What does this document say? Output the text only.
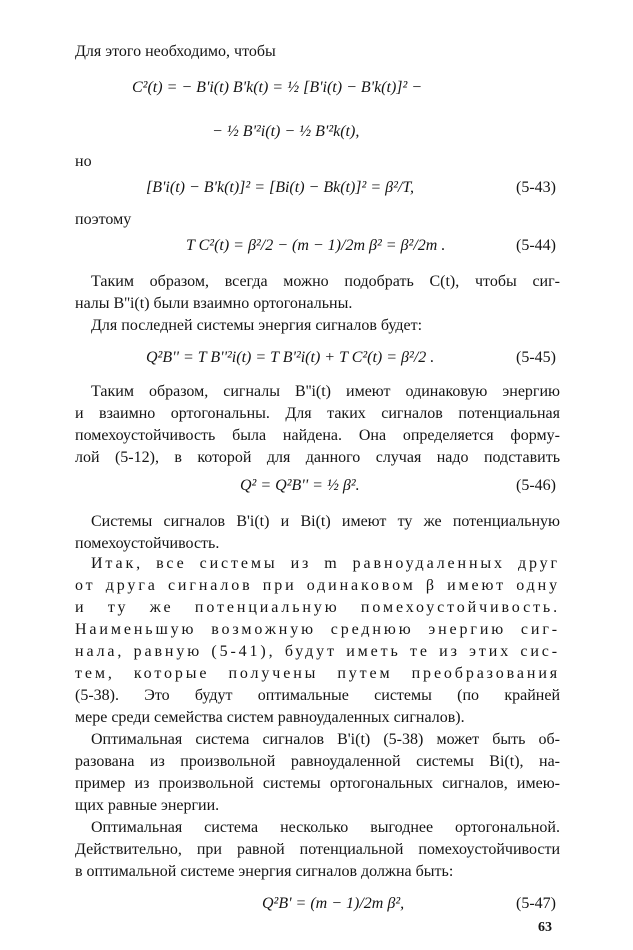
Для этого необходимо, чтобы
C²(t) = − B'i(t) B'k(t) = ½ [B'i(t) − B'k(t)]² −
− ½ B'²i(t) − ½ B'²k(t),
но
[B'i(t) − B'k(t)]² = [Bi(t) − Bk(t)]² = β²/T,	(5-43)
поэтому
T C²(t) = β²/2 − (m − 1)/2m β² = β²/2m .	(5-44)
Таким образом, всегда можно подобрать C(t), чтобы сиг-
налы B''i(t) были взаимно ортогональны.
Для последней системы энергия сигналов будет:
Q²B'' = T B''²i(t) = T B'²i(t) + T C²(t) = β²/2 .	(5-45)
Таким образом, сигналы B''i(t) имеют одинаковую энергию
и взаимно ортогональны. Для таких сигналов потенциальная
помехоустойчивость была найдена. Она определяется форму-
лой (5-12), в которой для данного случая надо подставить
Q² = Q²B'' = ½ β².	(5-46)
Системы сигналов B'i(t) и Bi(t) имеют ту же потенциальную
помехоустойчивость.
Итак, все системы из m равноудаленных друг
от друга сигналов при одинаковом β имеют одну
и ту же потенциальную помехоустойчивость.
Наименьшую возможную среднюю энергию сиг-
нала, равную (5-41), будут иметь те из этих сис-
тем, которые получены путем преобразования
(5-38). Это будут оптимальные системы (по крайней
мере среди семейства систем равноудаленных сигналов).
Оптимальная система сигналов B'i(t) (5-38) может быть об-
разована из произвольной равноудаленной системы Bi(t), на-
пример из произвольной системы ортогональных сигналов, имею-
щих равные энергии.
Оптимальная система несколько выгоднее ортогональной.
Действительно, при равной потенциальной помехоустойчивости
в оптимальной системе энергия сигналов должна быть:
Q²B' = (m − 1)/2m β²,	(5-47)
63
